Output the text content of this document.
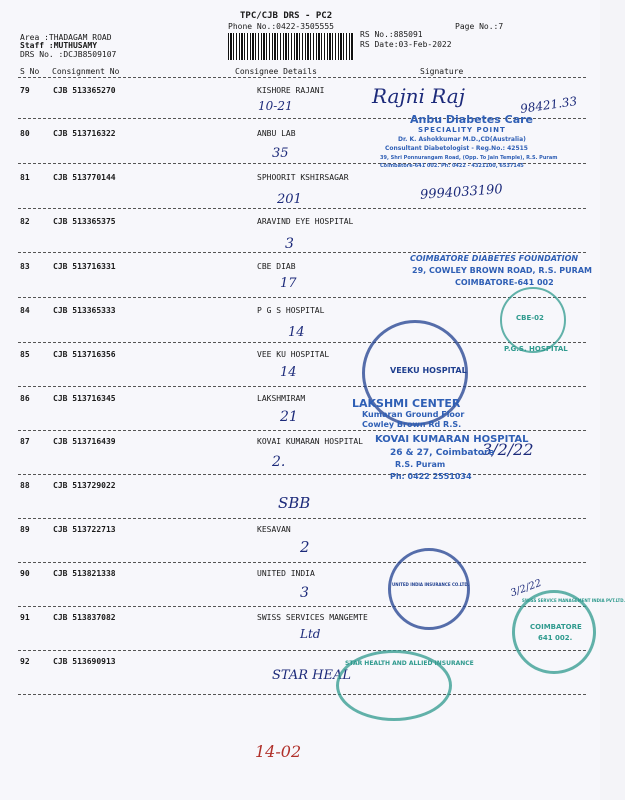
TPC/CJB DRS - PC2
Phone No.:0422-3505555
Area :THADAGAM ROAD
Staff :MUTHUSAMY
DRS No. :DCJB8509107
RS No.:885091
RS Date:03-Feb-2022
Page No.:7
S No Consignment No	Consignee Details	Signature
79	CJB 513365270	KISHORE RAJANI
10-21
80	CJB 513716322	ANBU LAB
35
81	CJB 513770144	SPHOORIT KSHIRSAGAR
201
82	CJB 513365375	ARAVIND EYE HOSPITAL
3
83	CJB 513716331	CBE DIAB
17
84	CJB 513365333	P G S HOSPITAL
14
85	CJB 513716356	VEE KU HOSPITAL
14
86	CJB 513716345	LAKSHMIRAM
21
87	CJB 513716439	KOVAI KUMARAN HOSPITAL
2.
88	CJB 513729022
SBB
89	CJB 513722713	KESAVAN
2
90	CJB 513821338	UNITED INDIA
3
91	CJB 513837082	SWISS SERVICES MANGEMTE
Ltd
92	CJB 513690913
STAR HEAL
Rajni Raj	98421.33
9994033190
3/2/22
3/2/22
14-02
Anbu Diabetes Care
SPECIALITY POINT
Dr. K. Ashokkumar M.D.,CD(Australia)
Consultant Diabetologist - Reg.No.: 42515
39, Shri Ponnurangam Road, (Opp. To Jain Temple), R.S. Puram
Coimbatore-641 002. Ph: 0422 - 4321100, 6537145
COIMBATORE DIABETES FOUNDATION
29, COWLEY BROWN ROAD, R.S. PURAM
COIMBATORE-641 002
P.G.S. HOSPITAL
CBE-02
VEEKU HOSPITAL
LAKSHMI CENTER
Kumaran Ground Floor
Cowley Brown Rd R.S.
KOVAI KUMARAN HOSPITAL
26 & 27, Coimbatore
R.S. Puram
Ph: 0422 2551034
UNITED INDIA INSURANCE CO.LTD.
SWISS SERVICE MANAGEMENT INDIA PVT.LTD.
COIMBATORE
641 002.
STAR HEALTH AND ALLIED INSURANCE
